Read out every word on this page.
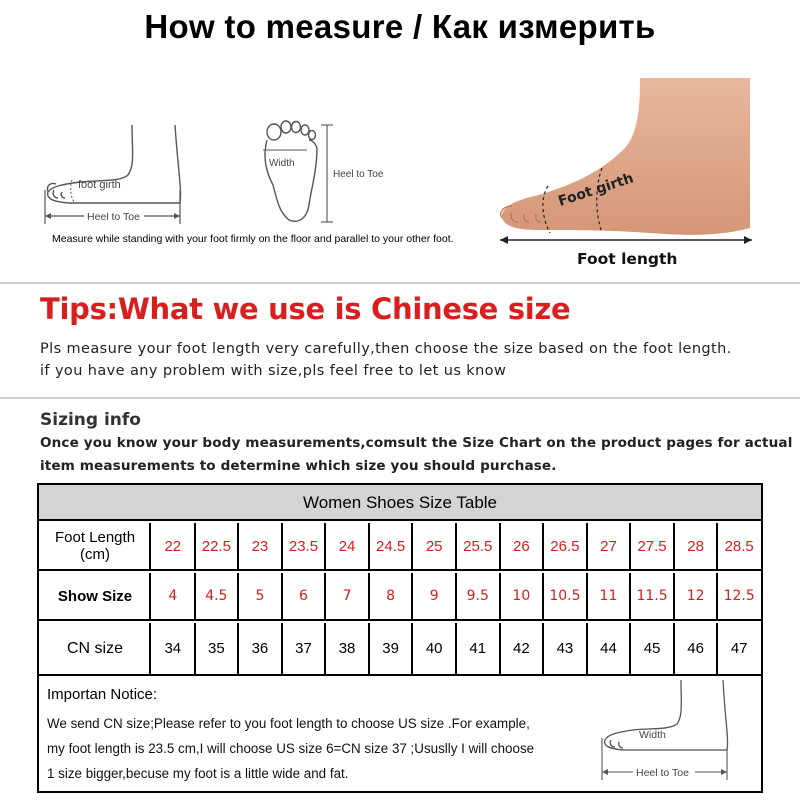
How to measure / Как измерить
foot girth
Heel to Toe
Width
Heel to Toe
Measure while standing with your foot firmly on the floor and parallel to your other foot.
Foot girth
Foot length
Tips:What we use is Chinese size
Pls measure your foot length very carefully,then choose the size based on the foot length.
if you have any problem with size,pls feel free to let us know
Sizing info
Once you know your body measurements,comsult the Size Chart on the product pages for actual
item measurements to determine which size you should purchase.
Women Shoes Size Table
Foot Length
(cm)	22	22.5	23	23.5	24	24.5	25	25.5	26	26.5	27	27.5	28	28.5
Show Size	4	4.5	5	6	7	8	9	9.5	10	10.5	11	11.5	12	12.5
CN size	34	35	36	37	38	39	40	41	42	43	44	45	46	47
Importan Notice:
We send CN size;Please refer to you foot length to choose US size .For example,
my foot length is 23.5 cm,I will choose US size 6=CN size 37 ;Ususlly I will choose
1 size bigger,becuse my foot is a little wide and fat.
Width
Heel to Toe
